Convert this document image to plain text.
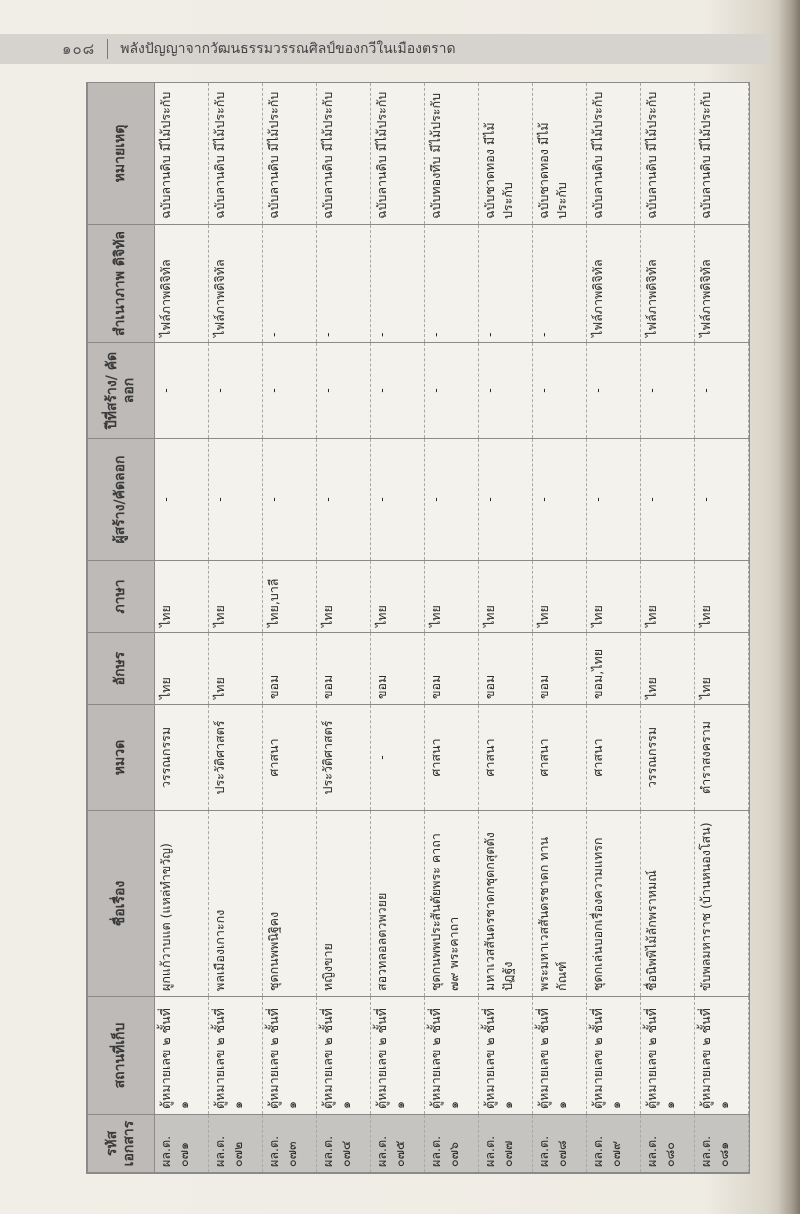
๑๐๘ พลังปัญญาจากวัฒนธรรมวรรณศิลป์ของกวีในเมืองตราด
รหัส เอกสาร	สถานที่เก็บ	ชื่อเรื่อง	หมวด	อักษร	ภาษา	ผู้สร้าง/คัดลอก	ปีที่สร้าง/ คัดลอก	สำเนาภาพ ดิจิทัล	หมายเหตุ
ผล.ต. ๐๗๑	ตู้หมายเลข ๒ ชั้นที่ ๑	ผูกแก้วาบแต (แหล่ทำขวัญ)	วรรณกรรม	ไทย	ไทย	-	-	ไฟล์ภาพดิจิทัล	ฉบับลานดิบ มีไม้ประกับ
ผล.ต. ๐๗๒	ตู้หมายเลข ๒ ชั้นที่ ๑	พลเมืองเกาะกง	ประวัติศาสตร์	ไทย	ไทย	-	-	ไฟล์ภาพดิจิทัล	ฉบับลานดิบ มีไม้ประกับ
ผล.ต. ๐๗๓	ตู้หมายเลข ๒ ชั้นที่ ๑	ชุดกนพพนิฐิคง	ศาสนา	ขอม	ไทย,บาลี	-	-	-	ฉบับลานดิบ มีไม้ประกับ
ผล.ต. ๐๗๔	ตู้หมายเลข ๒ ชั้นที่ ๑	หญิงขาย	ประวัติศาสตร์	ขอม	ไทย	-	-	-	ฉบับลานดิบ มีไม้ประกับ
ผล.ต. ๐๗๕	ตู้หมายเลข ๒ ชั้นที่ ๑	สอวทลอลตวพวยย	-	ขอม	ไทย	-	-	-	ฉบับลานดิบ มีไม้ประกับ
ผล.ต. ๐๗๖	ตู้หมายเลข ๒ ชั้นที่ ๑	ชุดกนพพประสันตัยพระ คาถา ๗๙ พระคาถา	ศาสนา	ขอม	ไทย	-	-	-	ฉบับทองทึบ มีไม้ประกับ
ผล.ต. ๐๗๗	ตู้หมายเลข ๒ ชั้นที่ ๑	มหาเวสสันดรชาดกชุดกสุตตัง ปัฏฐัง	ศาสนา	ขอม	ไทย	-	-	-	ฉบับชาดทอง มีไม้ประกับ
ผล.ต. ๐๗๘	ตู้หมายเลข ๒ ชั้นที่ ๑	พระมหาเวสสันดรชาดก ทานกัณฑ์	ศาสนา	ขอม	ไทย	-	-	-	ฉบับชาดทอง มีไม้ประกับ
ผล.ต. ๐๗๙	ตู้หมายเลข ๒ ชั้นที่ ๑	ชุดกเล่นบอกเรื่องความแทรก	ศาสนา	ขอม,ไทย	ไทย	-	-	ไฟล์ภาพดิจิทัล	ฉบับลานดิบ มีไม้ประกับ
ผล.ต. ๐๘๐	ตู้หมายเลข ๒ ชั้นที่ ๑	ชื่อนิพพิไม้ลักพราหมณ์	วรรณกรรม	ไทย	ไทย	-	-	ไฟล์ภาพดิจิทัล	ฉบับลานดิบ มีไม้ประกับ
ผล.ต. ๐๘๑	ตู้หมายเลข ๒ ชั้นที่ ๑	ขับพลมหาราช (บ้านหนองโสน)	ตำราสงคราม	ไทย	ไทย	-	-	ไฟล์ภาพดิจิทัล	ฉบับลานดิบ มีไม้ประกับ
